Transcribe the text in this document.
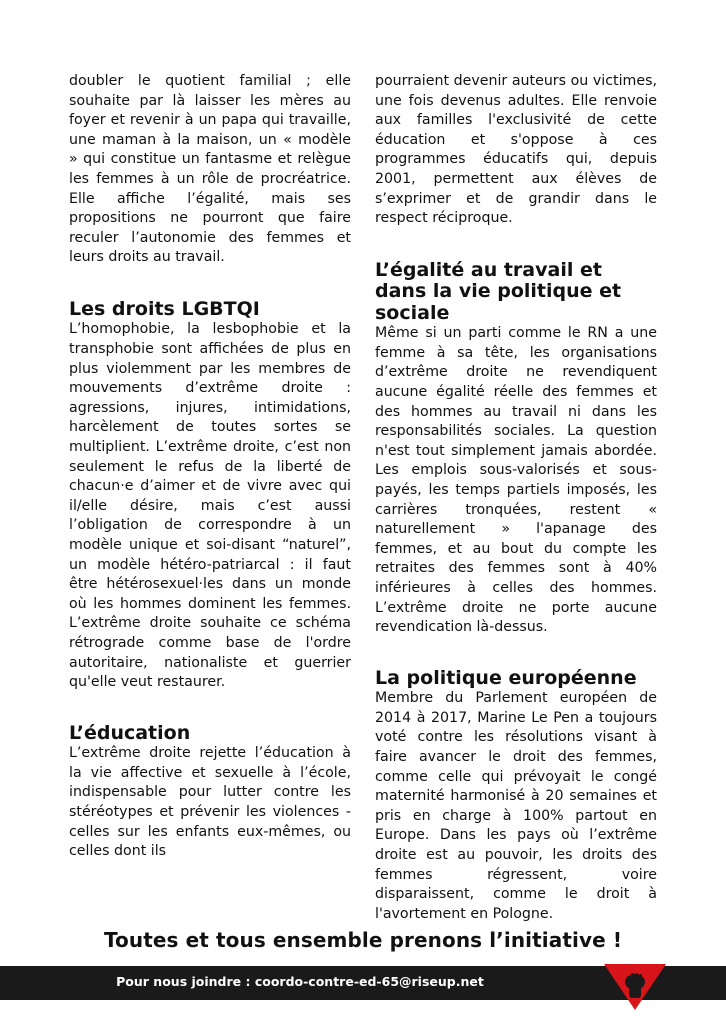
doubler le quotient familial ; elle souhaite par là laisser les mères au foyer et revenir à un papa qui travaille, une maman à la maison, un « modèle » qui constitue un fantasme et relègue les femmes à un rôle de procréatrice. Elle affiche l’égalité, mais ses propositions ne pourront que faire reculer l’autonomie des femmes et leurs droits au travail.

Les droits LGBTQI

L’homophobie, la lesbophobie et la transphobie sont affichées de plus en plus violemment par les membres de mouvements d’extrême droite : agressions, injures, intimidations, harcèlement de toutes sortes se multiplient. L’extrême droite, c’est non seulement le refus de la liberté de chacun·e d’aimer et de vivre avec qui il/elle désire, mais c’est aussi l’obligation de correspondre à un modèle unique et soi-disant “naturel”, un modèle hétéro-patriarcal : il faut être hétérosexuel·les dans un monde où les hommes dominent les femmes. L’extrême droite souhaite ce schéma rétrograde comme base de l'ordre autoritaire, nationaliste et guerrier qu'elle veut restaurer.

L’éducation

L’extrême droite rejette l’éducation à la vie affective et sexuelle à l’école, indispensable pour lutter contre les stéréotypes et prévenir les violences - celles sur les enfants eux-mêmes, ou celles dont ils

pourraient devenir auteurs ou victimes, une fois devenus adultes. Elle renvoie aux familles l'exclusivité de cette éducation et s'oppose à ces programmes éducatifs qui, depuis 2001, permettent aux élèves de s’exprimer et de grandir dans le respect réciproque.

L’égalité au travail et dans la vie politique et sociale

Même si un parti comme le RN a une femme à sa tête, les organisations d’extrême droite ne revendiquent aucune égalité réelle des femmes et des hommes au travail ni dans les responsabilités sociales. La question n'est tout simplement jamais abordée. Les emplois sous-valorisés et sous-payés, les temps partiels imposés, les carrières tronquées, restent « naturellement » l'apanage des femmes, et au bout du compte les retraites des femmes sont à 40% inférieures à celles des hommes. L’extrême droite ne porte aucune revendication là-dessus.

La politique européenne

Membre du Parlement européen de 2014 à 2017, Marine Le Pen a toujours voté contre les résolutions visant à faire avancer le droit des femmes, comme celle qui prévoyait le congé maternité harmonisé à 20 semaines et pris en charge à 100% partout en Europe. Dans les pays où l’extrême droite est au pouvoir, les droits des femmes régressent, voire disparaissent, comme le droit à l'avortement en Pologne.

Toutes et tous ensemble prenons l’initiative !
Pour nous joindre : coordo-contre-ed-65@riseup.net
